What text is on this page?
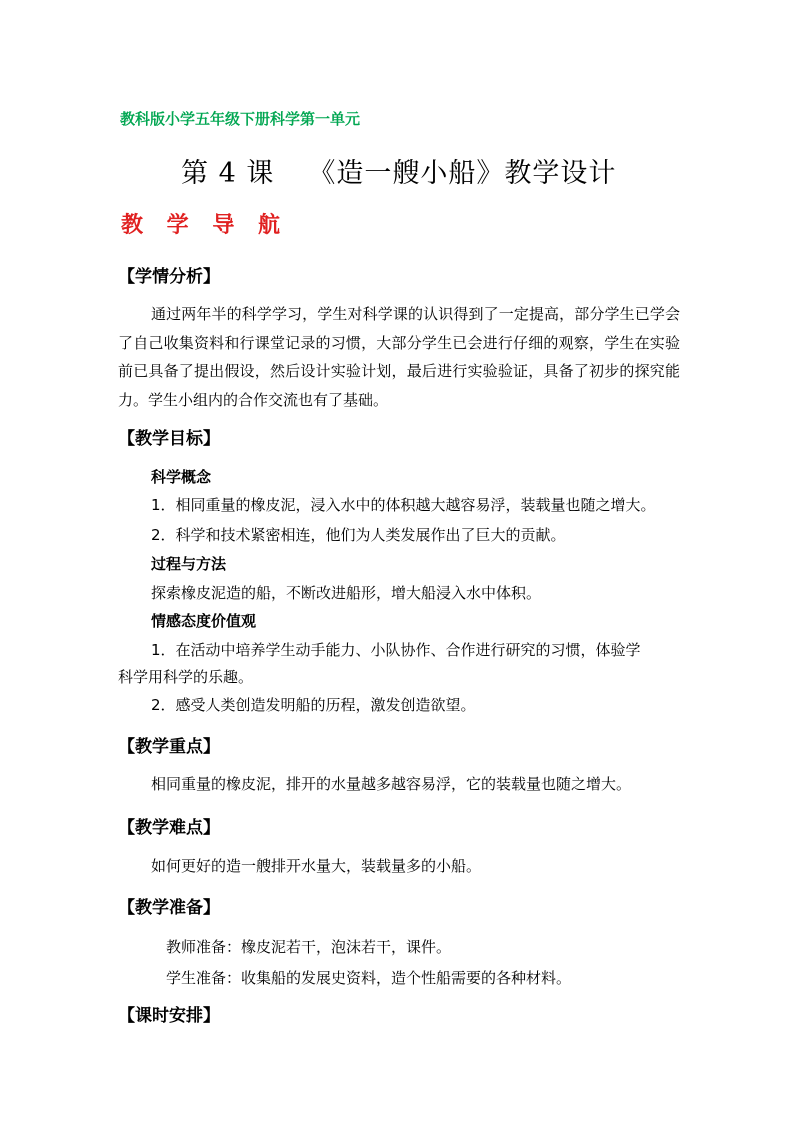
教科版小学五年级下册科学第一单元
第 4 课 《造一艘小船》教学设计
教 学 导 航
【学情分析】

通过两年半的科学学习，学生对科学课的认识得到了一定提高，部分学生已学会了自己收集资料和行课堂记录的习惯，大部分学生已会进行仔细的观察，学生在实验前已具备了提出假设，然后设计实验计划，最后进行实验验证，具备了初步的探究能力。学生小组内的合作交流也有了基础。

【教学目标】
科学概念
1．相同重量的橡皮泥，浸入水中的体积越大越容易浮，装载量也随之增大。
2．科学和技术紧密相连，他们为人类发展作出了巨大的贡献。
过程与方法
探索橡皮泥造的船，不断改进船形，增大船浸入水中体积。
情感态度价值观
1．在活动中培养学生动手能力、小队协作、合作进行研究的习惯，体验学
科学用科学的乐趣。
2．感受人类创造发明船的历程，激发创造欲望。
【教学重点】
相同重量的橡皮泥，排开的水量越多越容易浮，它的装载量也随之增大。
【教学难点】
如何更好的造一艘排开水量大，装载量多的小船。
【教学准备】
教师准备：橡皮泥若干，泡沫若干，课件。
学生准备：收集船的发展史资料，造个性船需要的各种材料。
【课时安排】
